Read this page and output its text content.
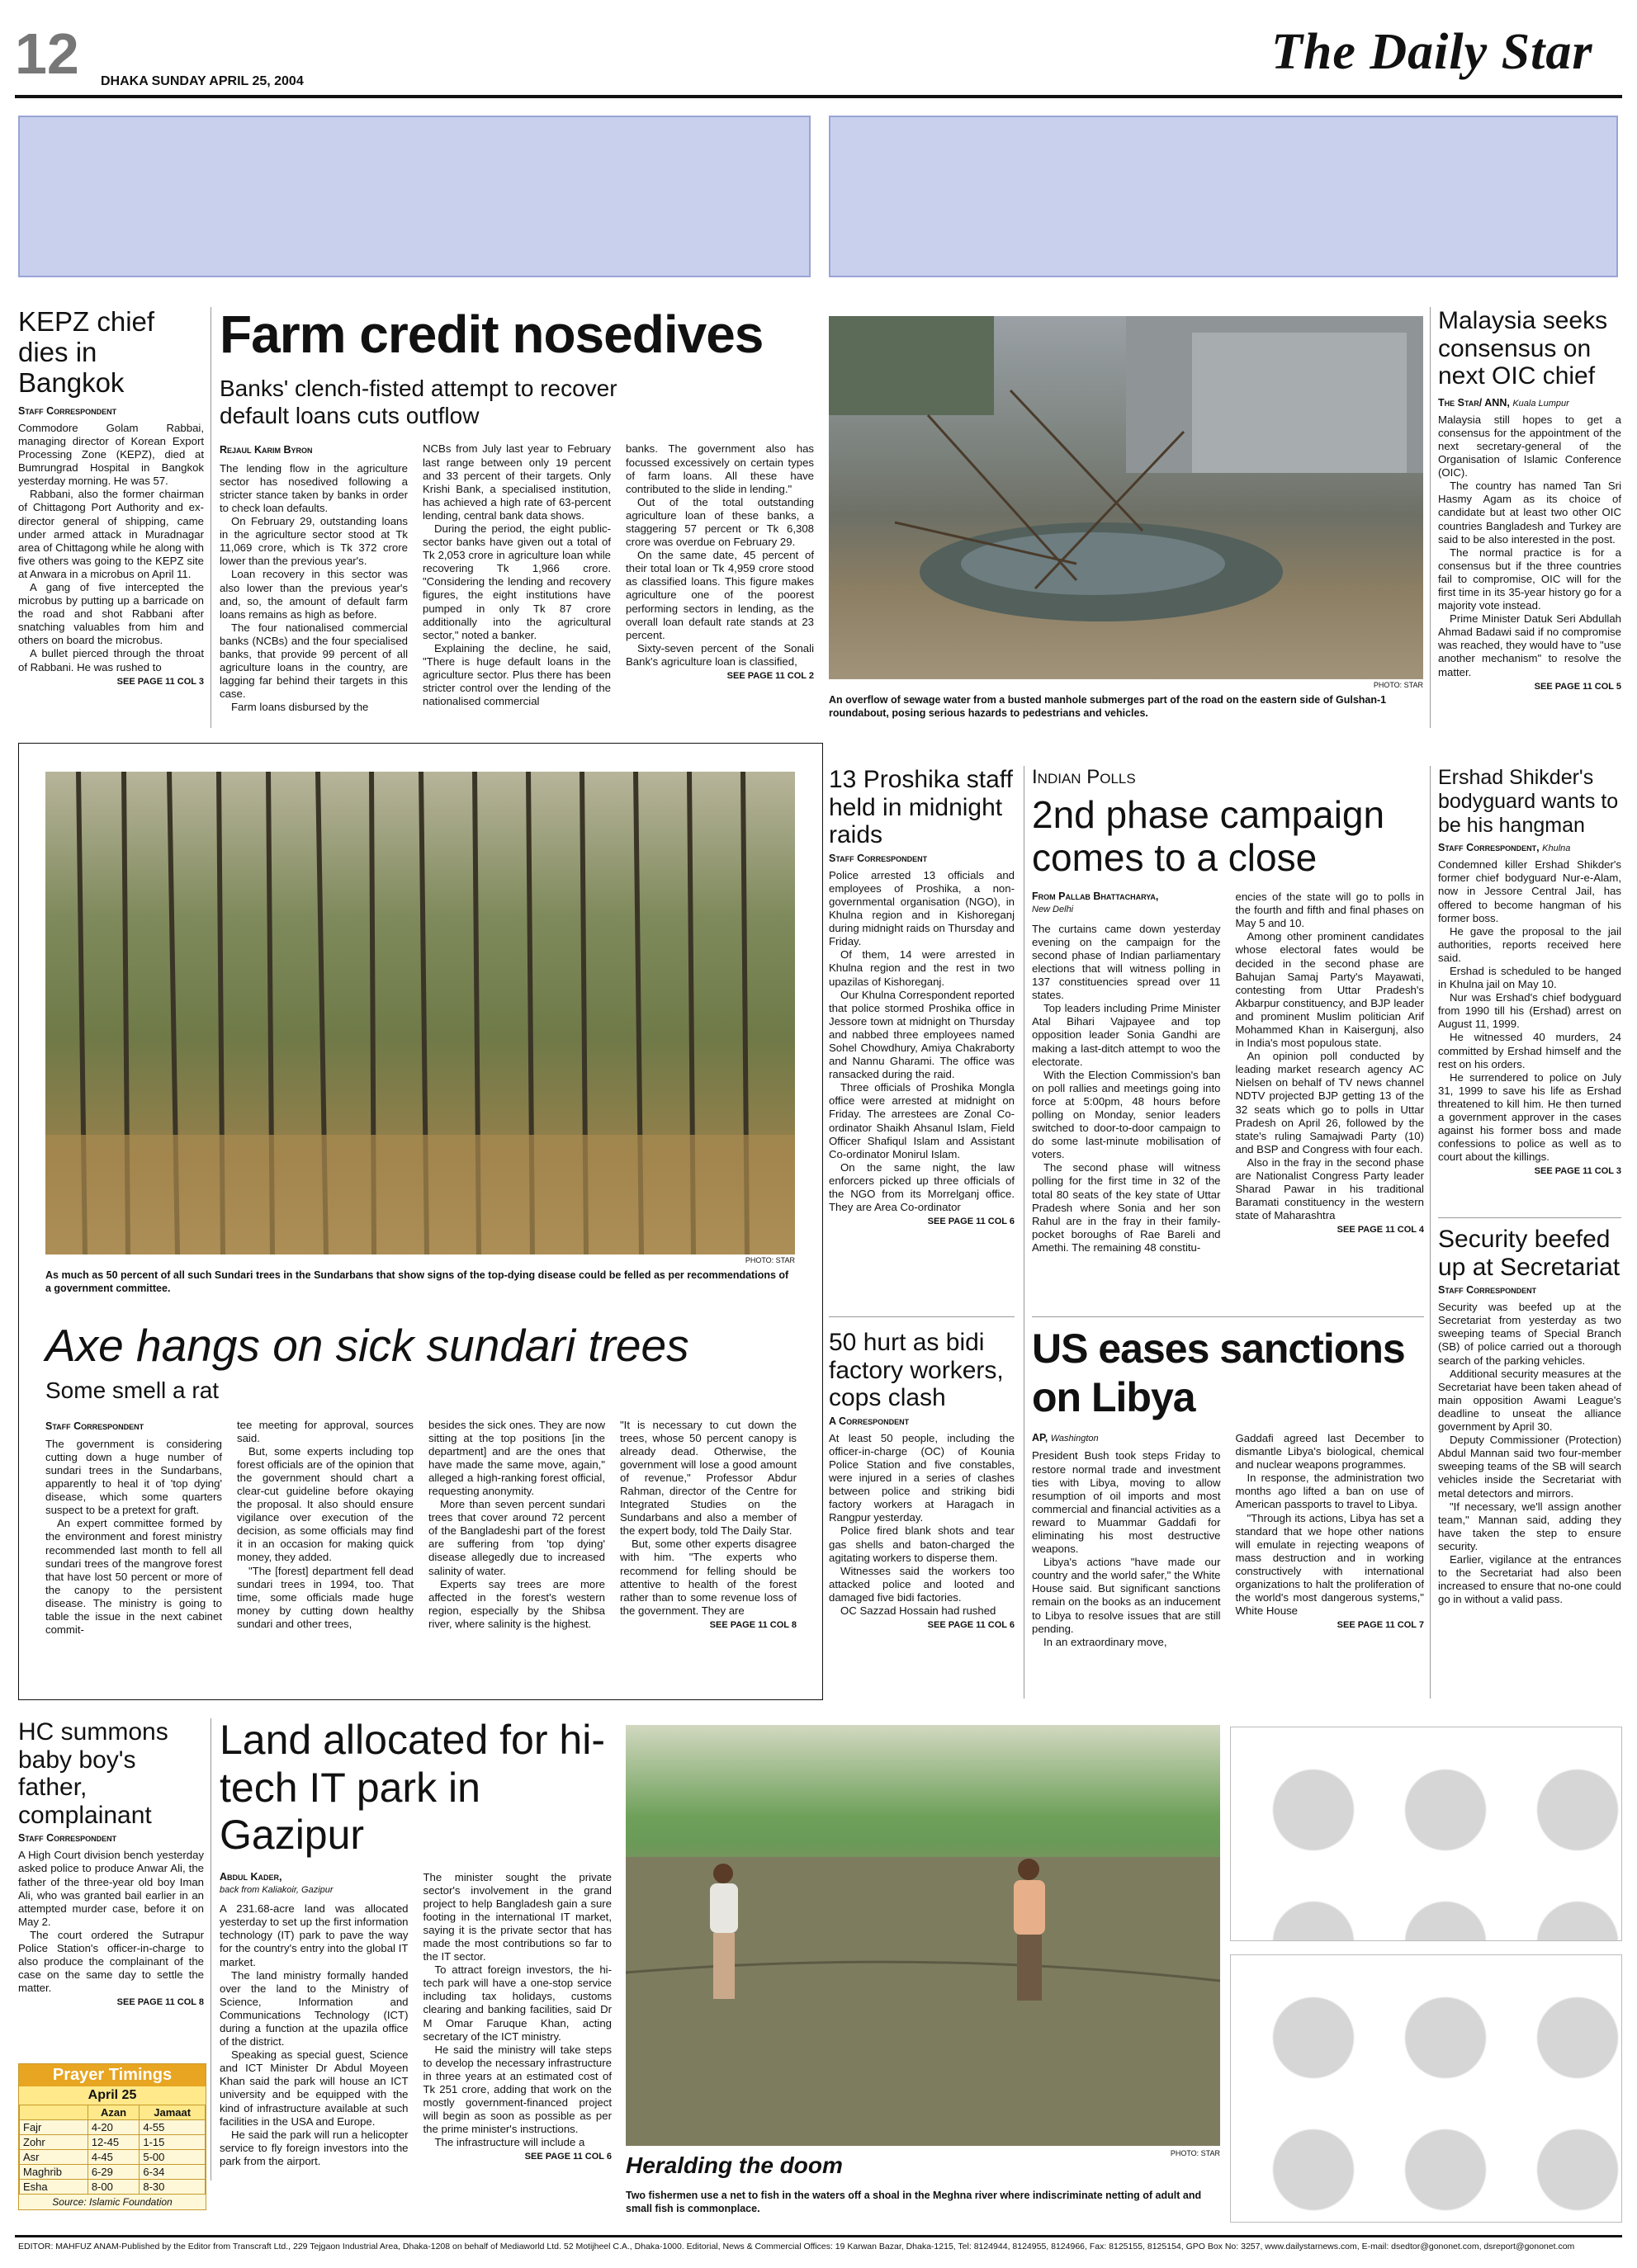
12 DHAKA SUNDAY APRIL 25, 2004
The Daily Star
KEPZ chief dies in Bangkok
Staff Correspondent

Commodore Golam Rabbai, managing director of Korean Export Processing Zone (KEPZ), died at Bumrungrad Hospital in Bangkok yesterday morning. He was 57.

Rabbani, also the former chairman of Chittagong Port Authority and ex-director general of shipping, came under armed attack in Muradnagar area of Chittagong while he along with five others was going to the KEPZ site at Anwara in a microbus on April 11.

A gang of five intercepted the microbus by putting up a barricade on the road and shot Rabbani after snatching valuables from him and others on board the microbus.

A bullet pierced through the throat of Rabbani. He was rushed to

SEE PAGE 11 COL 3
Farm credit nosedives
Banks' clench-fisted attempt to recover default loans cuts outflow
Rejaul Karim Byron

The lending flow in the agriculture sector has nosedived following a stricter stance taken by banks in order to check loan defaults.

On February 29, outstanding loans in the agriculture sector stood at Tk 11,069 crore, which is Tk 372 crore lower than the previous year's.

Loan recovery in this sector was also lower than the previous year's and, so, the amount of default farm loans remains as high as before.

The four nationalised commercial banks (NCBs) and the four specialised banks, that provide 99 percent of all agriculture loans in the country, are lagging far behind their targets in this case.

Farm loans disbursed by the

NCBs from July last year to February last range between only 19 percent and 33 percent of their targets. Only Krishi Bank, a specialised institution, has achieved a high rate of 63-percent lending, central bank data shows.

During the period, the eight public-sector banks have given out a total of Tk 2,053 crore in agriculture loan while recovering Tk 1,966 crore. "Considering the lending and recovery figures, the eight institutions have pumped in only Tk 87 crore additionally into the agricultural sector," noted a banker.

Explaining the decline, he said, "There is huge default loans in the agriculture sector. Plus there has been stricter control over the lending of the nationalised commercial

banks. The government also has focussed excessively on certain types of farm loans. All these have contributed to the slide in lending."

Out of the total outstanding agriculture loan of these banks, a staggering 57 percent or Tk 6,308 crore was overdue on February 29.

On the same date, 45 percent of their total loan or Tk 4,959 crore stood as classified loans. This figure makes agriculture one of the poorest performing sectors in lending, as the overall loan default rate stands at 23 percent.

Sixty-seven percent of the Sonali Bank's agriculture loan is classified,

SEE PAGE 11 COL 2
PHOTO: STAR
An overflow of sewage water from a busted manhole submerges part of the road on the eastern side of Gulshan-1 roundabout, posing serious hazards to pedestrians and vehicles.
Malaysia seeks consensus on next OIC chief
The Star/ ANN, Kuala Lumpur

Malaysia still hopes to get a consensus for the appointment of the next secretary-general of the Organisation of Islamic Conference (OIC).

The country has named Tan Sri Hasmy Agam as its choice of candidate but at least two other OIC countries Bangladesh and Turkey are said to be also interested in the post.

The normal practice is for a consensus but if the three countries fail to compromise, OIC will for the first time in its 35-year history go for a majority vote instead.

Prime Minister Datuk Seri Abdullah Ahmad Badawi said if no compromise was reached, they would have to "use another mechanism" to resolve the matter.

SEE PAGE 11 COL 5
PHOTO: STAR
As much as 50 percent of all such Sundari trees in the Sundarbans that show signs of the top-dying disease could be felled as per recommendations of a government committee.
Axe hangs on sick sundari trees
Some smell a rat
Staff Correspondent

The government is considering cutting down a huge number of sundari trees in the Sundarbans, apparently to heal it of 'top dying' disease, which some quarters suspect to be a pretext for graft.

An expert committee formed by the environment and forest ministry recommended last month to fell all sundari trees of the mangrove forest that have lost 50 percent or more of the canopy to the persistent disease. The ministry is going to table the issue in the next cabinet commit-

tee meeting for approval, sources said.

But, some experts including top forest officials are of the opinion that the government should chart a clear-cut guideline before okaying the proposal. It also should ensure vigilance over execution of the decision, as some officials may find it in an occasion for making quick money, they added.

"The [forest] department fell dead sundari trees in 1994, too. That time, some officials made huge money by cutting down healthy sundari and other trees,

besides the sick ones. They are now sitting at the top positions [in the department] and are the ones that have made the same move, again," alleged a high-ranking forest official, requesting anonymity.

More than seven percent sundari trees that cover around 72 percent of the Bangladeshi part of the forest are suffering from 'top dying' disease allegedly due to increased salinity of water.

Experts say trees are more affected in the forest's western region, especially by the Shibsa river, where salinity is the highest.

"It is necessary to cut down the trees, whose 50 percent canopy is already dead. Otherwise, the government will lose a good amount of revenue," Professor Abdur Rahman, director of the Centre for Integrated Studies on the Sundarbans and also a member of the expert body, told The Daily Star.

But, some other experts disagree with him. "The experts who recommend for felling should be attentive to health of the forest rather than to some revenue loss of the government. They are

SEE PAGE 11 COL 8
13 Proshika staff held in midnight raids
Staff Correspondent

Police arrested 13 officials and employees of Proshika, a non-governmental organisation (NGO), in Khulna region and in Kishoreganj during midnight raids on Thursday and Friday.

Of them, 14 were arrested in Khulna region and the rest in two upazilas of Kishoreganj.

Our Khulna Correspondent reported that police stormed Proshika office in Jessore town at midnight on Thursday and nabbed three employees named Sohel Chowdhury, Amiya Chakraborty and Nannu Gharami. The office was ransacked during the raid.

Three officials of Proshika Mongla office were arrested at midnight on Friday. The arrestees are Zonal Co-ordinator Shaikh Ahsanul Islam, Field Officer Shafiqul Islam and Assistant Co-ordinator Monirul Islam.

On the same night, the law enforcers picked up three officials of the NGO from its Morrelganj office. They are Area Co-ordinator

SEE PAGE 11 COL 6
Indian Polls
2nd phase campaign comes to a close
From Pallab Bhattacharya,
New Delhi

The curtains came down yesterday evening on the campaign for the second phase of Indian parliamentary elections that will witness polling in 137 constituencies spread over 11 states.

Top leaders including Prime Minister Atal Bihari Vajpayee and top opposition leader Sonia Gandhi are making a last-ditch attempt to woo the electorate.

With the Election Commission's ban on poll rallies and meetings going into force at 5:00pm, 48 hours before polling on Monday, senior leaders switched to door-to-door campaign to do some last-minute mobilisation of voters.

The second phase will witness polling for the first time in 32 of the total 80 seats of the key state of Uttar Pradesh where Sonia and her son Rahul are in the fray in their family-pocket boroughs of Rae Bareli and Amethi. The remaining 48 constitu-

encies of the state will go to polls in the fourth and fifth and final phases on May 5 and 10.

Among other prominent candidates whose electoral fates would be decided in the second phase are Bahujan Samaj Party's Mayawati, contesting from Uttar Pradesh's Akbarpur constituency, and BJP leader and prominent Muslim politician Arif Mohammed Khan in Kaisergunj, also in India's most populous state.

An opinion poll conducted by leading market research agency AC Nielsen on behalf of TV news channel NDTV projected BJP getting 13 of the 32 seats which go to polls in Uttar Pradesh on April 26, followed by the state's ruling Samajwadi Party (10) and BSP and Congress with four each.

Also in the fray in the second phase are Nationalist Congress Party leader Sharad Pawar in his traditional Baramati constituency in the western state of Maharashtra

SEE PAGE 11 COL 4
Ershad Shikder's bodyguard wants to be his hangman
Staff Correspondent, Khulna

Condemned killer Ershad Shikder's former chief bodyguard Nur-e-Alam, now in Jessore Central Jail, has offered to become hangman of his former boss.

He gave the proposal to the jail authorities, reports received here said.

Ershad is scheduled to be hanged in Khulna jail on May 10.

Nur was Ershad's chief bodyguard from 1990 till his (Ershad) arrest on August 11, 1999.

He witnessed 40 murders, 24 committed by Ershad himself and the rest on his orders.

He surrendered to police on July 31, 1999 to save his life as Ershad threatened to kill him. He then turned a government approver in the cases against his former boss and made confessions to police as well as to court about the killings.

SEE PAGE 11 COL 3
Security beefed up at Secretariat
Staff Correspondent

Security was beefed up at the Secretariat from yesterday as two sweeping teams of Special Branch (SB) of police carried out a thorough search of the parking vehicles.

Additional security measures at the Secretariat have been taken ahead of main opposition Awami League's deadline to unseat the alliance government by April 30.

Deputy Commissioner (Protection) Abdul Mannan said two four-member sweeping teams of the SB will search vehicles inside the Secretariat with metal detectors and mirrors.

"If necessary, we'll assign another team," Mannan said, adding they have taken the step to ensure security.

Earlier, vigilance at the entrances to the Secretariat had also been increased to ensure that no-one could go in without a valid pass.

50 hurt as bidi factory workers, cops clash
A Correspondent

At least 50 people, including the officer-in-charge (OC) of Kounia Police Station and five constables, were injured in a series of clashes between police and striking bidi factory workers at Haragach in Rangpur yesterday.

Police fired blank shots and tear gas shells and baton-charged the agitating workers to disperse them.

Witnesses said the workers too attacked police and looted and damaged five bidi factories.

OC Sazzad Hossain had rushed

SEE PAGE 11 COL 6
US eases sanctions on Libya
AP, Washington

President Bush took steps Friday to restore normal trade and investment ties with Libya, moving to allow resumption of oil imports and most commercial and financial activities as a reward to Muammar Gaddafi for eliminating his most destructive weapons.

Libya's actions "have made our country and the world safer," the White House said. But significant sanctions remain on the books as an inducement to Libya to resolve issues that are still pending.

In an extraordinary move,

Gaddafi agreed last December to dismantle Libya's biological, chemical and nuclear weapons programmes.

In response, the administration two months ago lifted a ban on use of American passports to travel to Libya.

"Through its actions, Libya has set a standard that we hope other nations will emulate in rejecting weapons of mass destruction and in working constructively with international organizations to halt the proliferation of the world's most dangerous systems," White House

SEE PAGE 11 COL 7
HC summons baby boy's father, complainant
Staff Correspondent

A High Court division bench yesterday asked police to produce Anwar Ali, the father of the three-year old boy Iman Ali, who was granted bail earlier in an attempted murder case, before it on May 2.

The court ordered the Sutrapur Police Station's officer-in-charge to also produce the complainant of the case on the same day to settle the matter.

SEE PAGE 11 COL 8
Prayer Timings
April 25
	Azan	Jamaat
Fajr	4-20	4-55
Zohr	12-45	1-15
Asr	4-45	5-00
Maghrib	6-29	6-34
Esha	8-00	8-30
Source: Islamic Foundation
Land allocated for hi-tech IT park in Gazipur
Abdul Kader,
back from Kaliakoir, Gazipur

A 231.68-acre land was allocated yesterday to set up the first information technology (IT) park to pave the way for the country's entry into the global IT market.

The land ministry formally handed over the land to the Ministry of Science, Information and Communications Technology (ICT) during a function at the upazila office of the district.

Speaking as special guest, Science and ICT Minister Dr Abdul Moyeen Khan said the park will house an ICT university and be equipped with the kind of infrastructure available at such facilities in the USA and Europe.

He said the park will run a helicopter service to fly foreign investors into the park from the airport.

The minister sought the private sector's involvement in the grand project to help Bangladesh gain a sure footing in the international IT market, saying it is the private sector that has made the most contributions so far to the IT sector.

To attract foreign investors, the hi-tech park will have a one-stop service including tax holidays, customs clearing and banking facilities, said Dr M Omar Faruque Khan, acting secretary of the ICT ministry.

He said the ministry will take steps to develop the necessary infrastructure in three years at an estimated cost of Tk 251 crore, adding that work on the mostly government-financed project will begin as soon as possible as per the prime minister's instructions.

The infrastructure will include a

SEE PAGE 11 COL 6	PHOTO: STAR
Heralding the doom
Two fishermen use a net to fish in the waters off a shoal in the Meghna river where indiscriminate netting of adult and small fish is commonplace.
EDITOR: MAHFUZ ANAM-Published by the Editor from Transcraft Ltd., 229 Tejgaon Industrial Area, Dhaka-1208 on behalf of Mediaworld Ltd. 52 Motijheel C.A., Dhaka-1000. Editorial, News & Commercial Offices: 19 Karwan Bazar, Dhaka-1215, Tel: 8124944, 8124955, 8124966, Fax: 8125155, 8125154, GPO Box No: 3257, www.dailystarnews.com, E-mail: dsedtor@gononet.com, dsreport@gononet.com
